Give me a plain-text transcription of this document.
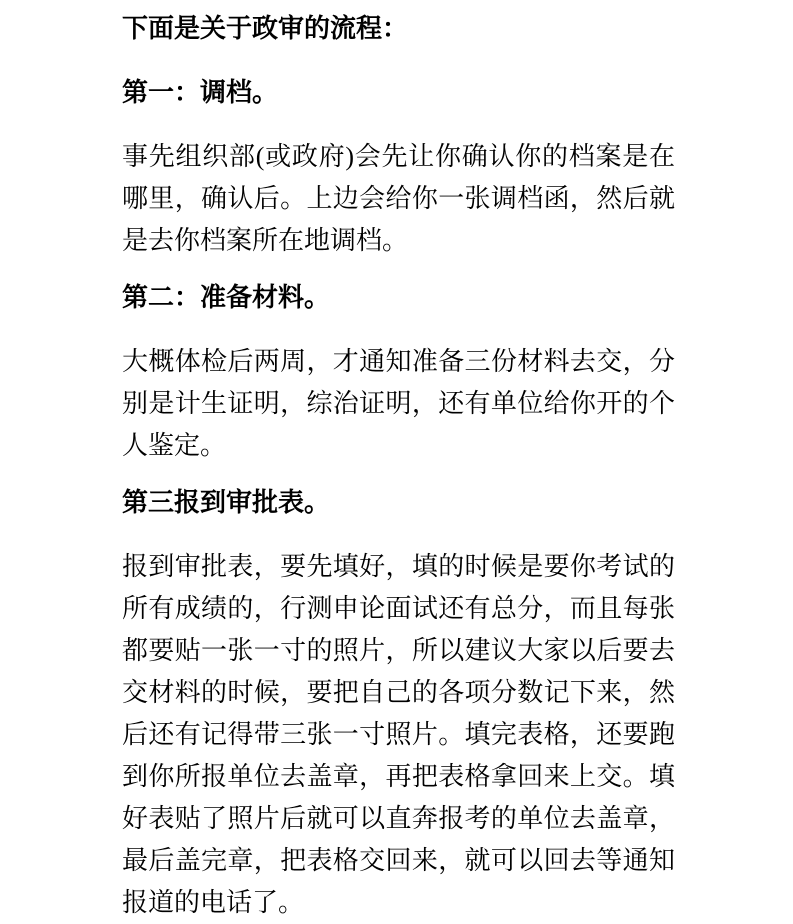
下面是关于政审的流程：
第一：调档。

事先组织部(或政府)会先让你确认你的档案是在哪里，确认后。上边会给你一张调档函，然后就是去你档案所在地调档。

第二：准备材料。

大概体检后两周，才通知准备三份材料去交，分别是计生证明，综治证明，还有单位给你开的个人鉴定。

第三报到审批表。

报到审批表，要先填好，填的时候是要你考试的所有成绩的，行测申论面试还有总分，而且每张都要贴一张一寸的照片，所以建议大家以后要去交材料的时候，要把自己的各项分数记下来，然后还有记得带三张一寸照片。填完表格，还要跑到你所报单位去盖章，再把表格拿回来上交。填好表贴了照片后就可以直奔报考的单位去盖章，最后盖完章，把表格交回来，就可以回去等通知报道的电话了。
